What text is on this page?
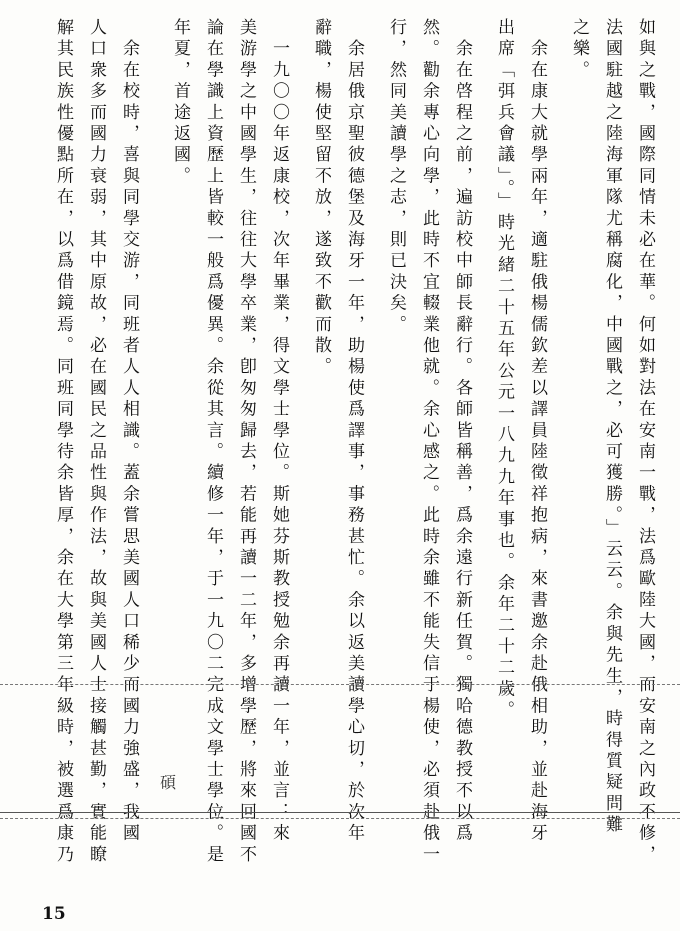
如與之戰，國際同情未必在華。何如對法在安南一戰，法爲歐陸大國，而安南之內政不修，
法國駐越之陸海軍隊尤稱腐化，中國戰之，必可獲勝。」云云。余與先生，時得質疑問難
之樂。
　余在康大就學兩年，適駐俄楊儒欽差以譯員陸徵祥抱病，來書邀余赴俄相助，並赴海牙
出席「弭兵會議」。」時光緒二十五年公元一八九九年事也。余年二十二歲。
　余在啓程之前，遍訪校中師長辭行。各師皆稱善，爲余遠行新任賀。獨哈德教授不以爲
然。勸余專心向學，此時不宜輟業他就。余心感之。此時余雖不能失信于楊使，必須赴俄一
行，然同美讀學之志，則已決矣。
　余居俄京聖彼德堡及海牙一年，助楊使爲譯事，事務甚忙。余以返美讀學心切，於次年
辭職，楊使堅留不放，遂致不歡而散。
　一九〇〇年返康校，次年畢業，得文學士學位。斯她芬斯教授勉余再讀一年，並言：來
美游學之中國學生，往往大學卒業，卽匆匆歸去，若能再讀一二年，多增學歷，將來回國不
論在學識上資歷上皆較一般爲優異。余從其言。續修一年，于一九〇二完成文學士學位。是
年夏，首途返國。
　余在校時，喜與同學交游，同班者人人相識。蓋余嘗思美國人口稀少而國力強盛，我國
人口衆多而國力衰弱，其中原故，必在國民之品性與作法，故與美國人士接觸甚勤，實能瞭
解其民族性優點所在，以爲借鏡焉。同班同學待余皆厚，余在大學第三年級時，被選爲康乃	碩
15
